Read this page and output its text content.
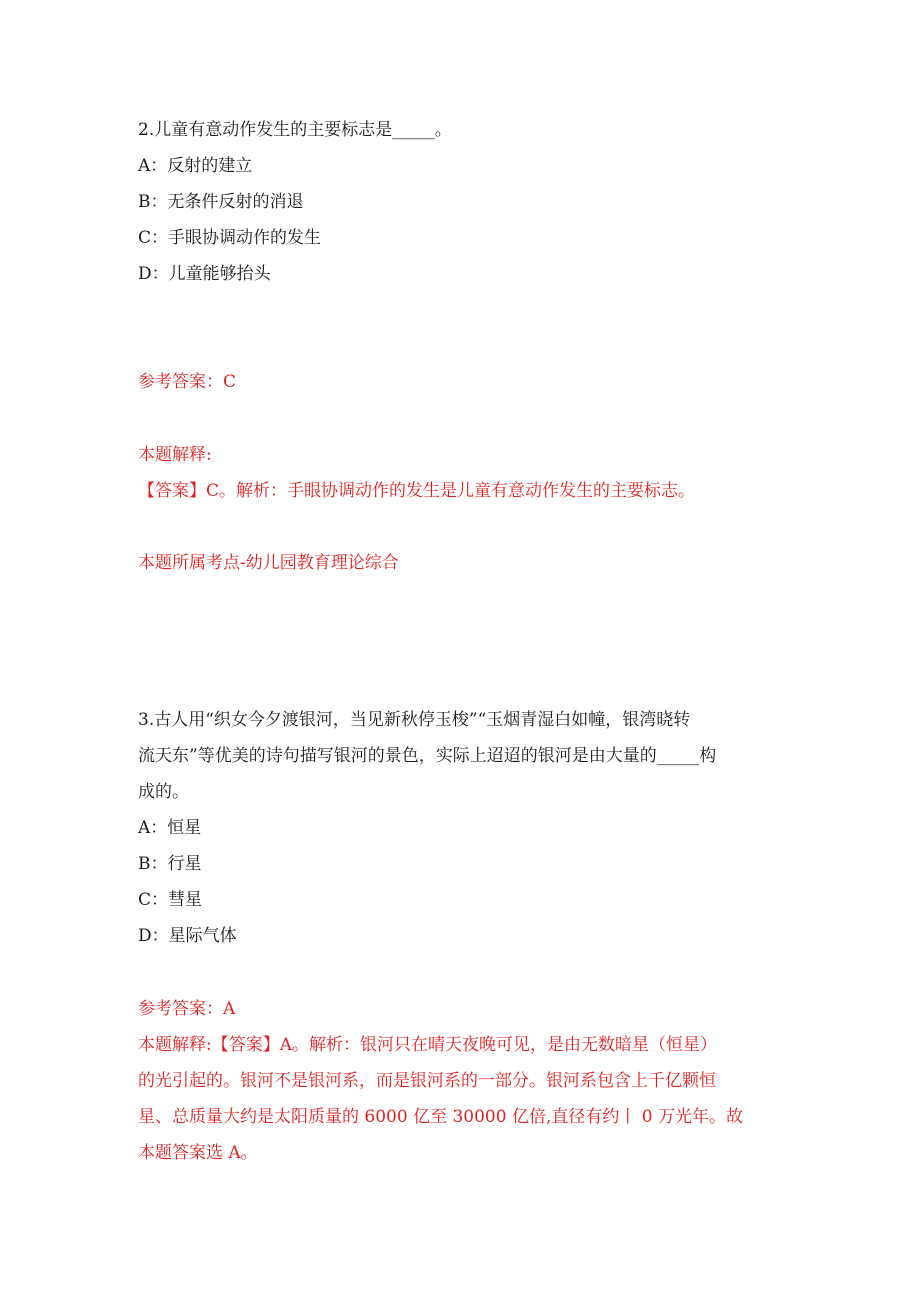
2.儿童有意动作发生的主要标志是_____。
A：反射的建立
B：无条件反射的消退
C：手眼协调动作的发生
D：儿童能够抬头
参考答案：C
本题解释:
【答案】C。解析：手眼协调动作的发生是儿童有意动作发生的主要标志。
本题所属考点-幼儿园教育理论综合
3.古人用“织女今夕渡银河，当见新秋停玉梭”“玉烟青湿白如幢，银湾晓转
流天东”等优美的诗句描写银河的景色，实际上迢迢的银河是由大量的_____构
成的。
A：恒星
B：行星
C：彗星
D：星际气体
参考答案：A
本题解释:【答案】A。解析：银河只在晴天夜晚可见，是由无数暗星（恒星）
的光引起的。银河不是银河系，而是银河系的一部分。银河系包含上千亿颗恒
星、总质量大约是太阳质量的 6000 亿至 30000 亿倍,直径有约丨 0 万光年。故
本题答案选 A。
